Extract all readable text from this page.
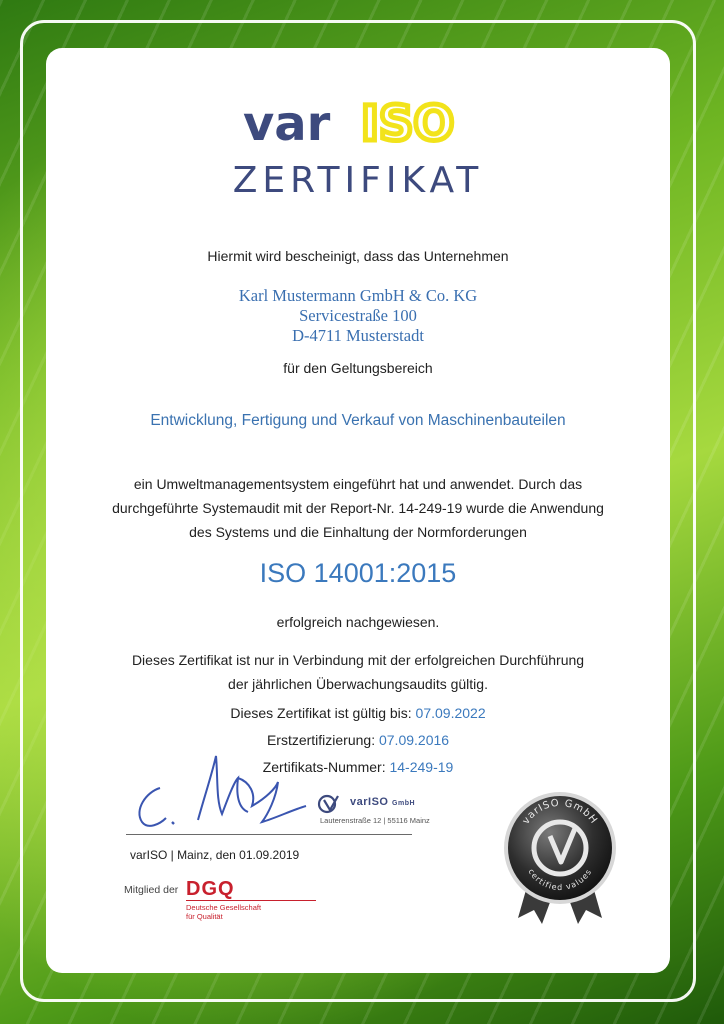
var ISO
ZERTIFIKAT
Hiermit wird bescheinigt, dass das Unternehmen
Karl Mustermann GmbH & Co. KG
Servicestraße 100
D-4711 Musterstadt
für den Geltungsbereich
Entwicklung, Fertigung und Verkauf von Maschinenbauteilen
ein Umweltmanagementsystem eingeführt hat und anwendet. Durch das
durchgeführte Systemaudit mit der Report-Nr. 14-249-19 wurde die Anwendung
des Systems und die Einhaltung der Normforderungen
ISO 14001:2015
erfolgreich nachgewiesen.
Dieses Zertifikat ist nur in Verbindung mit der erfolgreichen Durchführung
der jährlichen Überwachungsaudits gültig.
Dieses Zertifikat ist gültig bis: 07.09.2022
Erstzertifizierung: 07.09.2016
Zertifikats-Nummer: 14-249-19
varISO GmbH
Lauterenstraße 12 | 55116 Mainz
varISO | Mainz, den 01.09.2019
Mitglied der DGQ
Deutsche Gesellschaft
für Qualität
varISO GmbH
certified values
